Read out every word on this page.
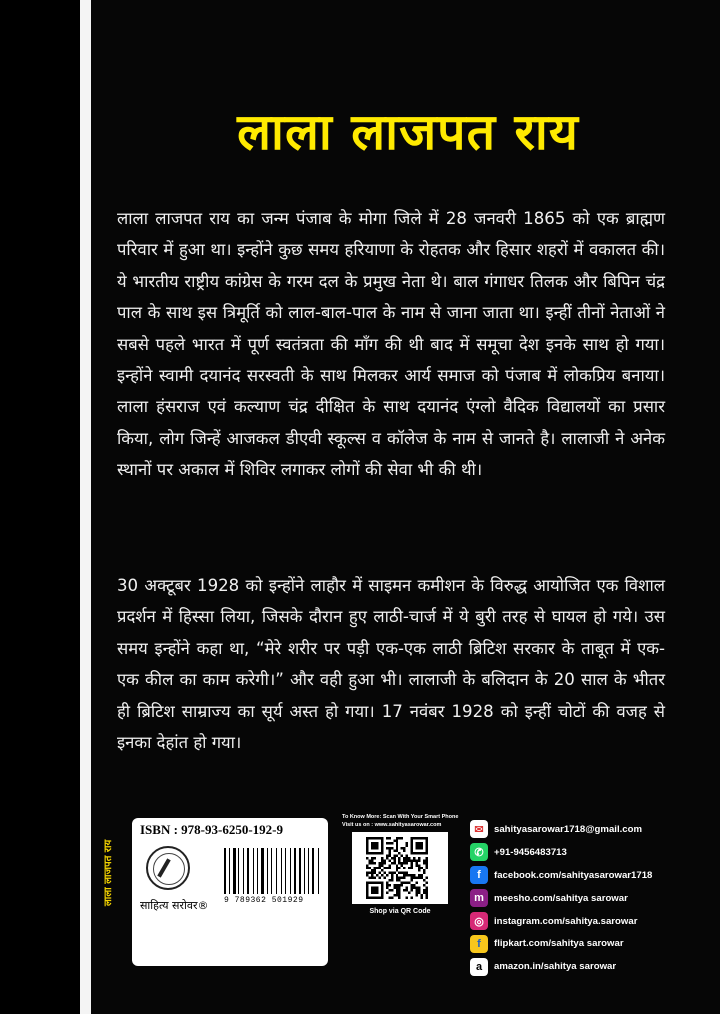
लाला लाजपत राय
लाला लाजपत राय
लाला लाजपत राय का जन्म पंजाब के मोगा जिले में 28 जनवरी 1865 को एक ब्राह्मण परिवार में हुआ था। इन्होंने कुछ समय हरियाणा के रोहतक और हिसार शहरों में वकालत की। ये भारतीय राष्ट्रीय कांग्रेस के गरम दल के प्रमुख नेता थे। बाल गंगाधर तिलक और बिपिन चंद्र पाल के साथ इस त्रिमूर्ति को लाल-बाल-पाल के नाम से जाना जाता था। इन्हीं तीनों नेताओं ने सबसे पहले भारत में पूर्ण स्वतंत्रता की माँग की थी बाद में समूचा देश इनके साथ हो गया। इन्होंने स्वामी दयानंद सरस्वती के साथ मिलकर आर्य समाज को पंजाब में लोकप्रिय बनाया। लाला हंसराज एवं कल्याण चंद्र दीक्षित के साथ दयानंद एंग्लो वैदिक विद्यालयों का प्रसार किया, लोग जिन्हें आजकल डीएवी स्कूल्स व कॉलेज के नाम से जानते है। लालाजी ने अनेक स्थानों पर अकाल में शिविर लगाकर लोगों की सेवा भी की थी।
30 अक्टूबर 1928 को इन्होंने लाहौर में साइमन कमीशन के विरुद्ध आयोजित एक विशाल प्रदर्शन में हिस्सा लिया, जिसके दौरान हुए लाठी-चार्ज में ये बुरी तरह से घायल हो गये। उस समय इन्होंने कहा था, “मेरे शरीर पर पड़ी एक-एक लाठी ब्रिटिश सरकार के ताबूत में एक-एक कील का काम करेगी।” और वही हुआ भी। लालाजी के बलिदान के 20 साल के भीतर ही ब्रिटिश साम्राज्य का सूर्य अस्त हो गया। 17 नवंबर 1928 को इन्हीं चोटों की वजह से इनका देहांत हो गया।
ISBN : 978-93-6250-192-9
साहित्य सरोवर® 9 789362 501929
To Know More: Scan With Your Smart Phone
Visit us on : www.sahityasarowar.com
Shop via QR Code
✉	sahityasarowar1718@gmail.com
✆	+91-9456483713
f	facebook.com/sahityasarowar1718
m	meesho.com/sahitya sarowar
◎	instagram.com/sahitya.sarowar
f	flipkart.com/sahitya sarowar
a	amazon.in/sahitya sarowar
